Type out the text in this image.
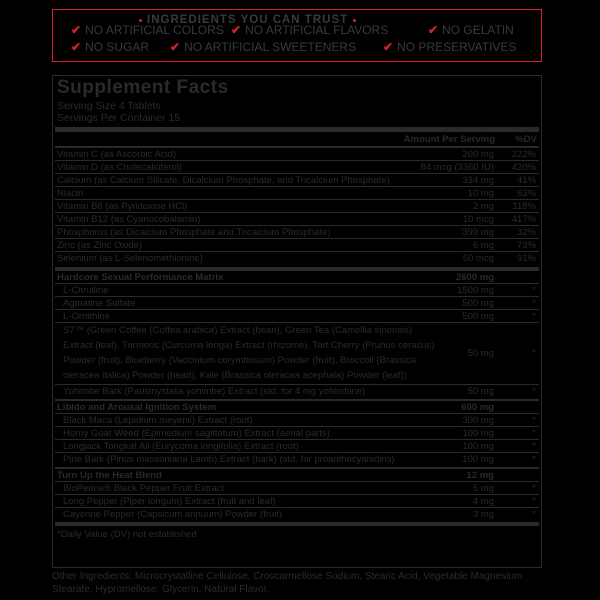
INGREDIENTS YOU CAN TRUST
✔ NO ARTIFICIAL COLORS ✔ NO ARTIFICIAL FLAVORS	✔ NO GELATIN
✔ NO SUGAR ✔ NO ARTIFICIAL SWEETENERS ✔ NO PRESERVATIVES
Supplement Facts
Serving Size 4 Tablets
Servings Per Container 15
Amount Per Serving %DV
Vitamin C (as Ascorbic Acid)	200 mg 222%
Vitamin D (as Cholecalciferol)	84 mcg (3360 IU) 420%
Calcium (as Calcium Silicate, Dicalcium Phosphate, and Tricalcium Phosphate)	334 mg 41%
Niacin	10 mg 63%
Vitamin B6 (as Pyridoxine HCl)	2 mg 118%
Vitamin B12 (as Cyanocobalamin)	10 mcg 417%
Phosphorus (as Dicalcium Phosphate and Tricalcium Phosphate)	399 mg 32%
Zinc (as Zinc Oxide)	6 mg 73%
Selenium (as L-Selenomethionine)	50 mcg 91%
Hardcore Sexual Performance Matrix	2600 mg
L-Citrulline	1500 mg	*
Agmatine Sulfate	500 mg	*
L-Ornithine	500 mg	*
S7™ (Green Coffee (Coffea arabica) Extract (bean), Green Tea (Camellia sinensis)
Extract (leaf), Turmeric (Curcuma longa) Extract (rhizome), Tart Cherry (Prunus cerasus)
Powder (fruit), Blueberry (Vaccinium corymbosum) Powder (fruit), Broccoli (Brassica
oleracea italica) Powder (head), Kale (Brassica oleracea acephala) Powder (leaf))
50 mg	*
Yohimbe Bark (Pausinystalia yohimbe) Extract (std. for 4 mg yohimbine)	50 mg	*
Libido and Arousal Ignition System	600 mg
Black Maca (Lepidium meyenii) Extract (root)	300 mg	*
Horny Goat Weed (Epimedium sagittatum) Extract (aerial parts)	100 mg	*
Longjack Tongkat Ali (Eurycoma longifolia) Extract (root)	100 mg	*
Pine Bark (Pinus massoniana Lamb) Extract (bark) (std. for proanthocyanidins)	100 mg	*
Turn Up the Heat Blend	12 mg
BioPerine® Black Pepper Fruit Extract	5 mg	*
Long Pepper (Piper longum) Extract (fruit and leaf)	4 mg	*
Cayenne Pepper (Capsicum annuum) Powder (fruit)	3 mg	*
*Daily Value (DV) not established
Other Ingredients: Microcrystalline Cellulose, Croscarmellose Sodium, Stearic Acid, Vegetable Magnesium Stearate, Hypromellose, Glycerin, Natural Flavor.
